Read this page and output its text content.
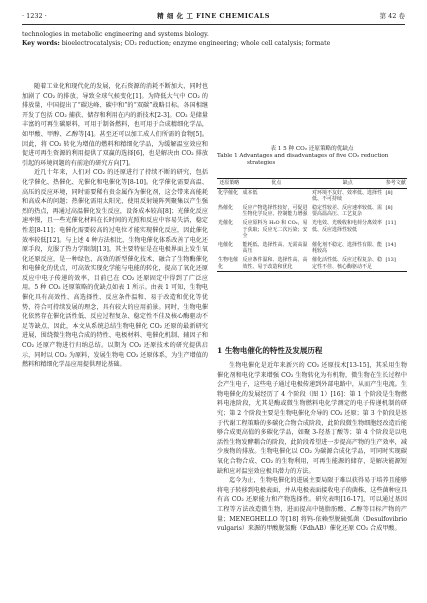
· 1232 ·	精 细 化 工 FINE CHEMICALS	第 42 卷
technologies in metabolic engineering and systems biology.
Key words: bioelectrocatalysis; CO₂ reduction; enzyme engineering; whole cell catalysis; formate

随着工业化和现代化的发展，化石资源的消耗不断加大，同时也加剧了 CO₂ 的排放，导致全球气候变化[1]。为降低大气中 CO₂ 的排放量，中国提出了“碳达峰、碳中和”的“双碳”战略目标。各国相继开发了包括 CO₂ 捕获、储存和利用在内的新技术[2-3]。CO₂ 是储量丰富的可再生碳原料，可用于制备燃料，也可用于合成精细化学品，如甲酸、甲醇、乙醇等[4]。甚至还可以加工成人们所需的食物[5]。因此，将 CO₂ 转化为增值的燃料和精细化学品，为缓解温室效应和促进可再生资源的利用提供了双赢的选择[6]，也是解决由 CO₂ 排放引起的环境问题的有前途的研究方向[7]。

近几十年来，人们对 CO₂ 的还原进行了持续不断的研究，包括化学催化、热催化、光催化和电催化等[8-10]。化学催化需要高温、高压的反应环境，同时需要稀有贵金属作为催化剂，这会带来高能耗和高成本的问题；热催化需用太阳光，使用反射镜阵列聚集以产生强烈的热点，再通过高温催化发生反应，设备成本较高[8]；光催化反应速率慢，且一些光催化材料在长时间的光照和反应中容易失活，稳定性差[8-11]；电催化需要较高的过电位才能实现催化反应，因此催化效率较低[12]。与上述 4 种方法相比，生物电催化体系改善了电化还原手段，克服了热力学限制[13]，其主要特征是在电极界面上发生氧化还原反应，是一种绿色、高效的新型催化技术，融合了生物酶催化和电催化的优点，可高效实现化学能与电能的转化，提高了氧化还原反应中电子传递的效率，目前已在 CO₂ 还原固定中得到了广泛应用。5 种 CO₂ 还原策略的优缺点如表 1 所示。由表 1 可知，生物电催化具有高效性、高选择性、反应条件温和、易于改造和优化等优势，符合可持续发展的理念，具有较大的应用前景。同时，生物电催化依然存在催化活性低、反应过程复杂、稳定性不佳及核心酶驱动不足等缺点，因此，本文从系统总结生物电催化 CO₂ 还原的最新研究进展，围绕微生物电合成的特性、电极材料、电催化机制、辅因子和 CO₂ 还原产物进行归纳总结。以期为 CO₂ 还原技术的研究提供启示，同时以 CO₂ 为原料，发展生物电 CO₂ 还原体系，为生产增值的燃料和精细化学品应用提供理论基础。

表 1 5 种 CO₂ 还原策略的优缺点
Table 1 Advantages and disadvantages of five CO₂ reduction strategies
还原策略	优点	缺点	参考文献
化学催化	成本低	对环境不友好、效率低、选择性低、不可持续	[8]
热催化	反应产物选择性较好，可促进生物化学反应、控制能力增强	稳定性较差、反应速率较低、需要高温高压、工艺复杂	[8]
光催化	反应原料为 H₂O 和 CO₂，易于获取；反应无二次污染；安全	光电效、光吸收和电荷分离效率低、反应选择性较低	[11]
电催化	能耗低、选择性高、无需高温高压	催化剂不稳定、选择性有限、能耗较高	[14]
生物电催化	反应条件温和、选择性高、高效性、易于改造和优化	催化活性低、反应过程复杂、稳定性不佳、核心酶驱动不足	[13]
1 生物电催化的特性及发展历程

生物电催化是近年来新兴的 CO₂ 还原技术[13-15]，其采用生物催化剂和电化学来增强 CO₂ 生物转化为有机物，微生物在生长过程中会产生电子，这些电子通过电极传递到外部电路中，从而产生电流。生物电催化的发展经历了 4 个阶段（图 1）[16]：第 1 个阶段是生物燃料电池阶段，尤其是酶或微生物燃料电化学测定的电子传递机制的研究；第 2 个阶段主要是生物电催化介导的 CO₂ 还原；第 3 个阶段是基于代谢工程策略的多碳化合物合成阶段，此阶段微生物细胞经改造后能够合成更高值的多碳化学品，如聚 3-羟基丁酸等；第 4 个阶段是以电活性生物发酵耦合的阶段，此阶段希望进一步提高产物的生产效率，减少废物的排放。生物电催化以 CO₂ 为碳源合成化学品，可同时实现碳氧化合物合成、CO₂ 的生物利用，可再生能源的储存，是解决能源短缺和应对温室效应极具潜力的方法。

迄今为止，生物电催化的进展主要局限于难以获得易于培养且能够将电子转移到电极表面，并从电极表面接收电子的菌株，这些菌种应具有高 CO₂ 还原能力和产物选择性。研究表明[16-17]，可以通过基因工程等方法改造微生物，进而提高中链脂肪酸、乙醇等目标产物的产量；MENEGHELLO 等[18] 将钨-依赖型脱硫弧菌（Desulfovibrio vulgaris）来源的甲酸脱氢酶（FdhAB）催化还原 CO₂ 合成甲酸。
